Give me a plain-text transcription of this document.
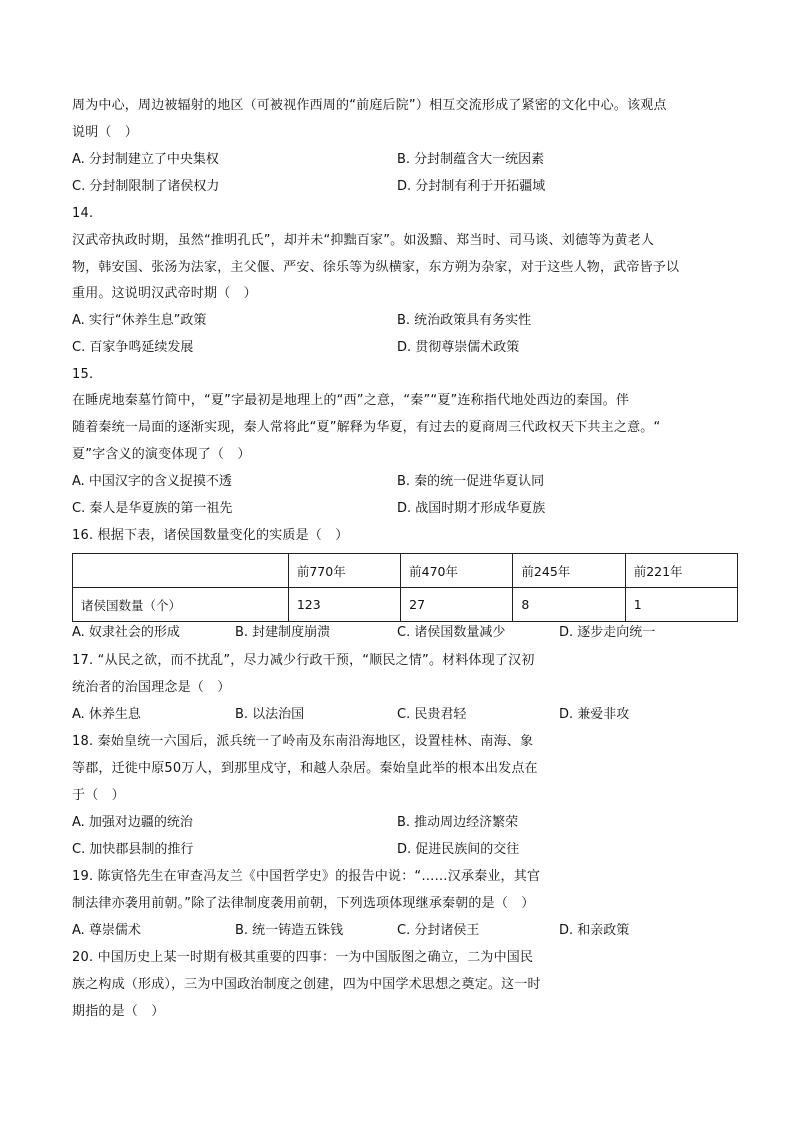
周为中心，周边被辐射的地区（可被视作西周的“前庭后院”）相互交流形成了紧密的文化中心。该观点
说明（　）
A. 分封制建立了中央集权	B. 分封制蕴含大一统因素
C. 分封制限制了诸侯权力	D. 分封制有利于开拓疆域
14.
汉武帝执政时期，虽然“推明孔氏”，却并未“抑黜百家”。如汲黯、郑当时、司马谈、刘德等为黄老人
物，韩安国、张汤为法家，主父偃、严安、徐乐等为纵横家，东方朔为杂家，对于这些人物，武帝皆予以
重用。这说明汉武帝时期（　）
A. 实行“休养生息”政策	B. 统治政策具有务实性
C. 百家争鸣延续发展	D. 贯彻尊崇儒术政策
15.
在睡虎地秦墓竹简中，“夏”字最初是地理上的“西”之意，“秦”“夏”连称指代地处西边的秦国。伴
随着秦统一局面的逐渐实现，秦人常将此“夏”解释为华夏，有过去的夏商周三代政权天下共主之意。“
夏”字含义的演变体现了（　）
A. 中国汉字的含义捉摸不透	B. 秦的统一促进华夏认同
C. 秦人是华夏族的第一祖先	D. 战国时期才形成华夏族
16. 根据下表，诸侯国数量变化的实质是（　）
	前770年	前470年	前245年	前221年
诸侯国数量（个）	123	27	8	1
A. 奴隶社会的形成	B. 封建制度崩溃	C. 诸侯国数量减少	D. 逐步走向统一
17. “从民之欲，而不扰乱”，尽力减少行政干预，“顺民之情”。材料体现了汉初
统治者的治国理念是（　）
A. 休养生息	B. 以法治国	C. 民贵君轻	D. 兼爱非攻
18. 秦始皇统一六国后，派兵统一了岭南及东南沿海地区，设置桂林、南海、象
等郡，迁徙中原50万人，到那里戍守，和越人杂居。秦始皇此举的根本出发点在
于（　）
A. 加强对边疆的统治	B. 推动周边经济繁荣
C. 加快郡县制的推行	D. 促进民族间的交往
19. 陈寅恪先生在审查冯友兰《中国哲学史》的报告中说：“……汉承秦业，其官
制法律亦袭用前朝。”除了法律制度袭用前朝，下列选项体现继承秦朝的是（　）
A. 尊崇儒术	B. 统一铸造五铢钱	C. 分封诸侯王	D. 和亲政策
20. 中国历史上某一时期有极其重要的四事：一为中国版图之确立，二为中国民
族之构成（形成），三为中国政治制度之创建，四为中国学术思想之奠定。这一时
期指的是（　）
